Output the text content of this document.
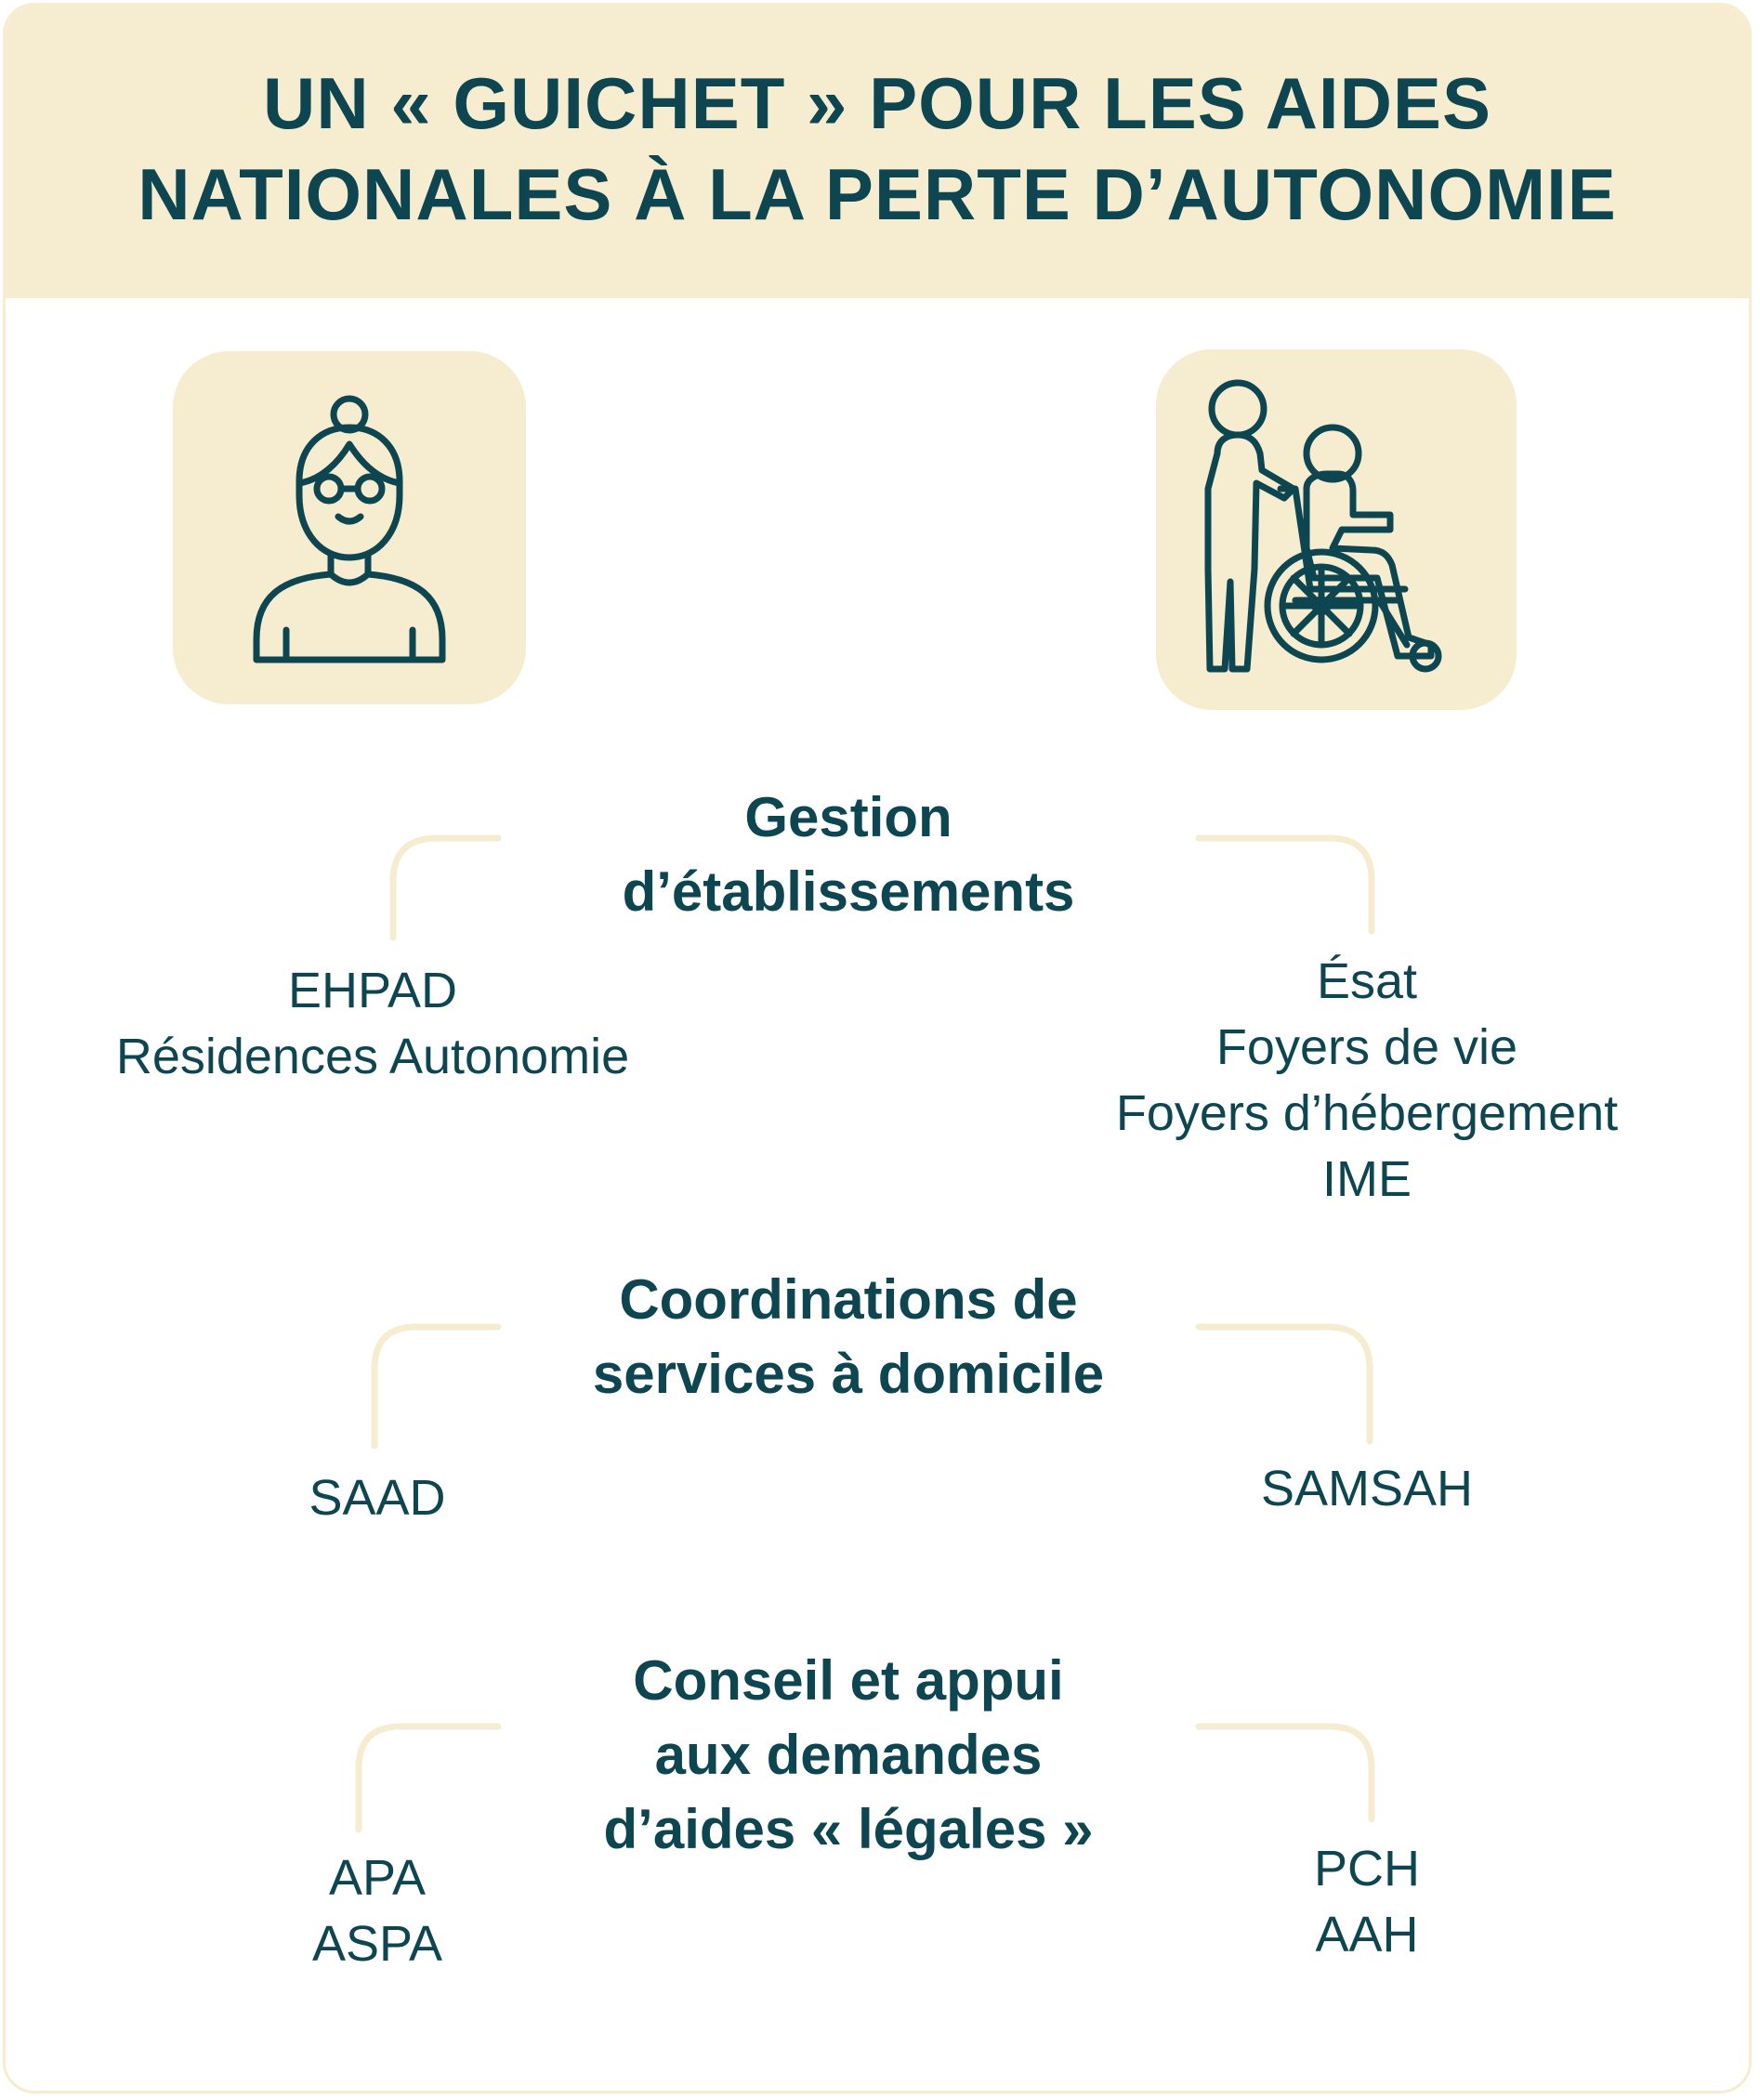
UN « GUICHET » POUR LES AIDES
NATIONALES À LA PERTE D’AUTONOMIE
Gestion
d’établissements
EHPAD
Résidences Autonomie
Ésat
Foyers de vie
Foyers d’hébergement
IME
Coordinations de
services à domicile
SAAD	SAMSAH
Conseil et appui
aux demandes
d’aides « légales »
APA
ASPA
PCH
AAH
